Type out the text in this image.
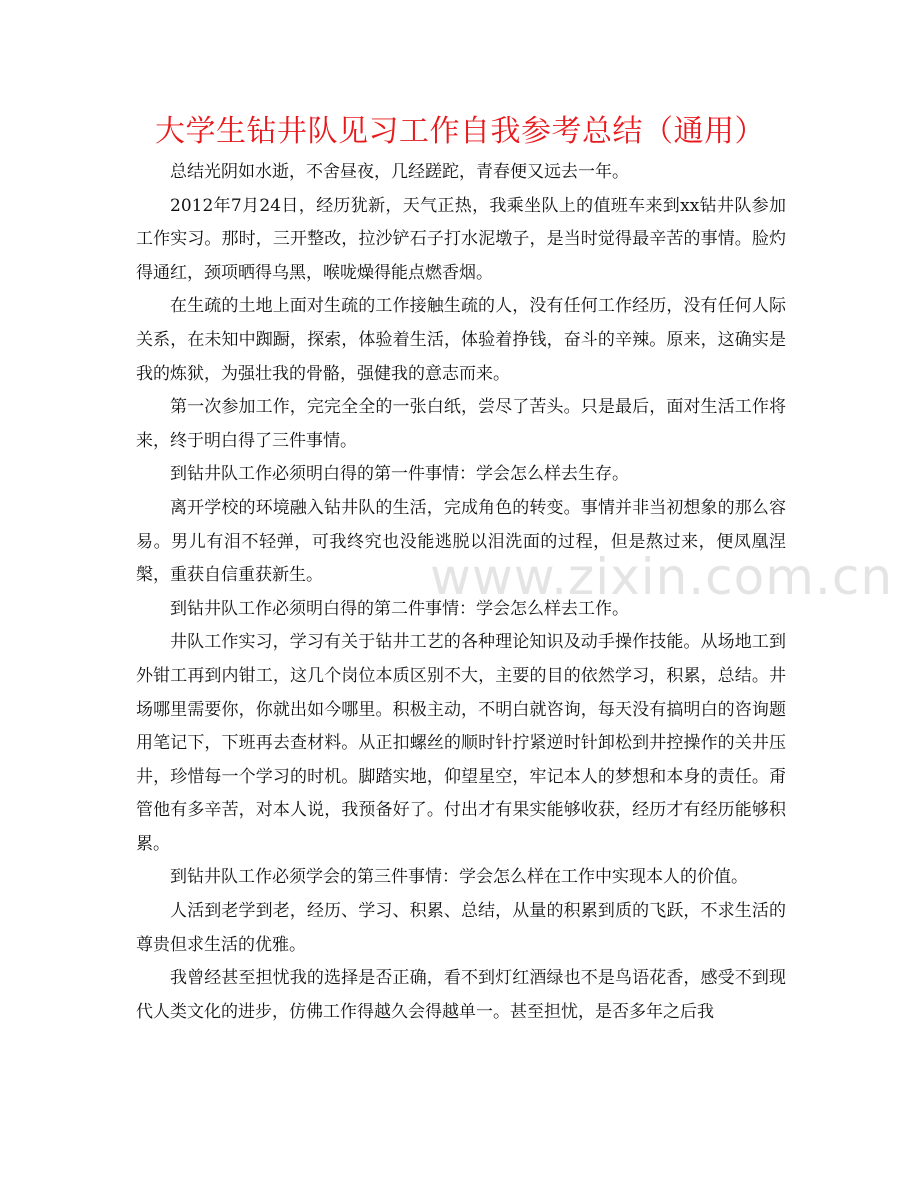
大学生钻井队见习工作自我参考总结（通用）

总结光阴如水逝，不舍昼夜，几经蹉跎，青春便又远去一年。

2012年7月24日，经历犹新，天气正热，我乘坐队上的值班车来到xx钻井队参加工作实习。那时，三开整改，拉沙铲石子打水泥墩子，是当时觉得最辛苦的事情。脸灼得通红，颈项晒得乌黑，喉咙燥得能点燃香烟。

在生疏的土地上面对生疏的工作接触生疏的人，没有任何工作经历，没有任何人际关系，在未知中踟蹰，探索，体验着生活，体验着挣钱，奋斗的辛辣。原来，这确实是我的炼狱，为强壮我的骨骼，强健我的意志而来。

第一次参加工作，完完全全的一张白纸，尝尽了苦头。只是最后，面对生活工作将来，终于明白得了三件事情。

到钻井队工作必须明白得的第一件事情：学会怎么样去生存。

离开学校的环境融入钻井队的生活，完成角色的转变。事情并非当初想象的那么容易。男儿有泪不轻弹，可我终究也没能逃脱以泪洗面的过程，但是熬过来，便凤凰涅槃，重获自信重获新生。

到钻井队工作必须明白得的第二件事情：学会怎么样去工作。

井队工作实习，学习有关于钻井工艺的各种理论知识及动手操作技能。从场地工到外钳工再到内钳工，这几个岗位本质区别不大，主要的目的依然学习，积累，总结。井场哪里需要你，你就出如今哪里。积极主动，不明白就咨询，每天没有搞明白的咨询题用笔记下，下班再去查材料。从正扣螺丝的顺时针拧紧逆时针卸松到井控操作的关井压井，珍惜每一个学习的时机。脚踏实地，仰望星空，牢记本人的梦想和本身的责任。甭管他有多辛苦，对本人说，我预备好了。付出才有果实能够收获，经历才有经历能够积累。

到钻井队工作必须学会的第三件事情：学会怎么样在工作中实现本人的价值。

人活到老学到老，经历、学习、积累、总结，从量的积累到质的飞跃，不求生活的尊贵但求生活的优雅。

我曾经甚至担忧我的选择是否正确，看不到灯红酒绿也不是鸟语花香，感受不到现代人类文化的进步，仿佛工作得越久会得越单一。甚至担忧，是否多年之后我

www.zixin.com.cn
